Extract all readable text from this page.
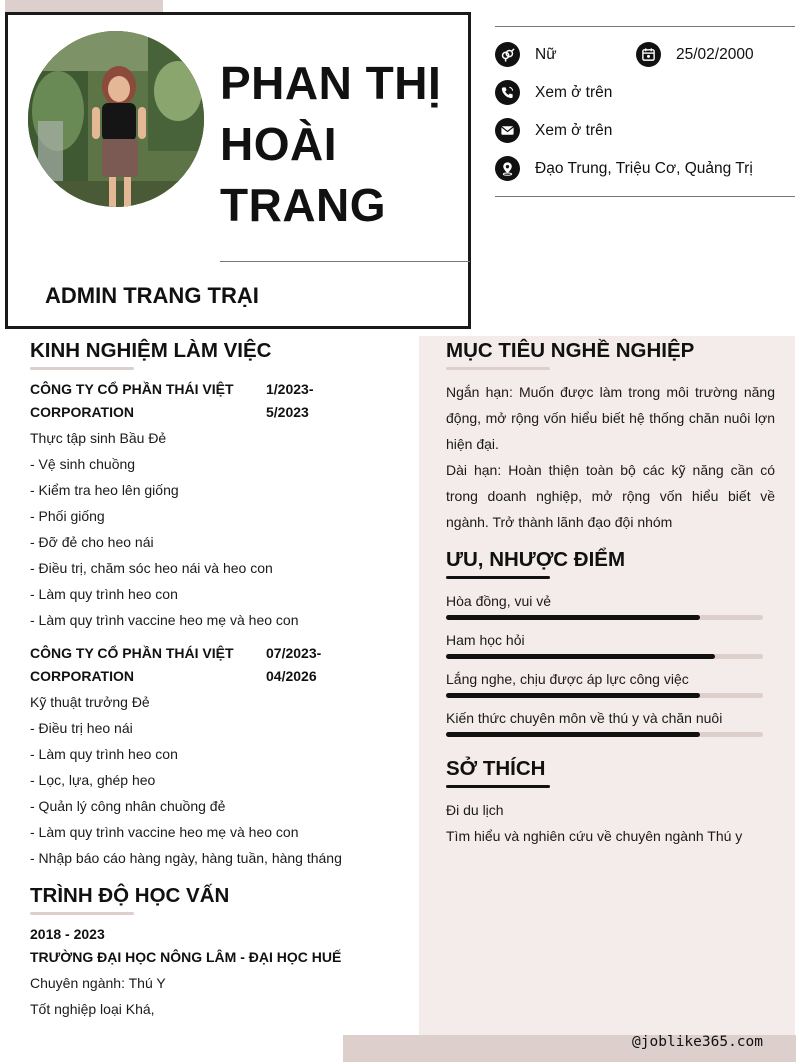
@joblike365.com
PHAN THỊ
HOÀI
TRANG
ADMIN TRANG TRẠI
Nữ	25/02/2000
Xem ở trên
Xem ở trên
Đạo Trung, Triệu Cơ, Quảng Trị
KINH NGHIỆM LÀM VIỆC
CÔNG TY CỔ PHẦN THÁI VIỆT CORPORATION
1/2023-
5/2023
Thực tập sinh Bầu Đẻ
- Vệ sinh chuồng
- Kiểm tra heo lên giống
- Phối giống
- Đỡ đẻ cho heo nái
- Điều trị, chăm sóc heo nái và heo con
- Làm quy trình heo con
- Làm quy trình vaccine heo mẹ và heo con
CÔNG TY CỔ PHẦN THÁI VIỆT CORPORATION
07/2023-
04/2026
Kỹ thuật trưởng Đẻ
- Điều trị heo nái
- Làm quy trình heo con
- Lọc, lựa, ghép heo
- Quản lý công nhân chuồng đẻ
- Làm quy trình vaccine heo mẹ và heo con
- Nhập báo cáo hàng ngày, hàng tuần, hàng tháng
TRÌNH ĐỘ HỌC VẤN
2018 - 2023
TRƯỜNG ĐẠI HỌC NÔNG LÂM - ĐẠI HỌC HUẾ
Chuyên ngành: Thú Y
Tốt nghiệp loại Khá,
MỤC TIÊU NGHỀ NGHIỆP
Ngắn hạn: Muốn được làm trong môi trường năng động, mở rộng vốn hiểu biết hệ thống chăn nuôi lợn hiện đại.
Dài hạn: Hoàn thiện toàn bộ các kỹ năng cần có trong doanh nghiệp, mở rộng vốn hiểu biết về ngành. Trở thành lãnh đạo đội nhóm
ƯU, NHƯỢC ĐIỂM
Hòa đồng, vui vẻ
Ham học hỏi
Lắng nghe, chịu được áp lực công việc
Kiến thức chuyên môn về thú y và chăn nuôi
SỞ THÍCH
Đi du lịch
Tìm hiểu và nghiên cứu về chuyên ngành Thú y
